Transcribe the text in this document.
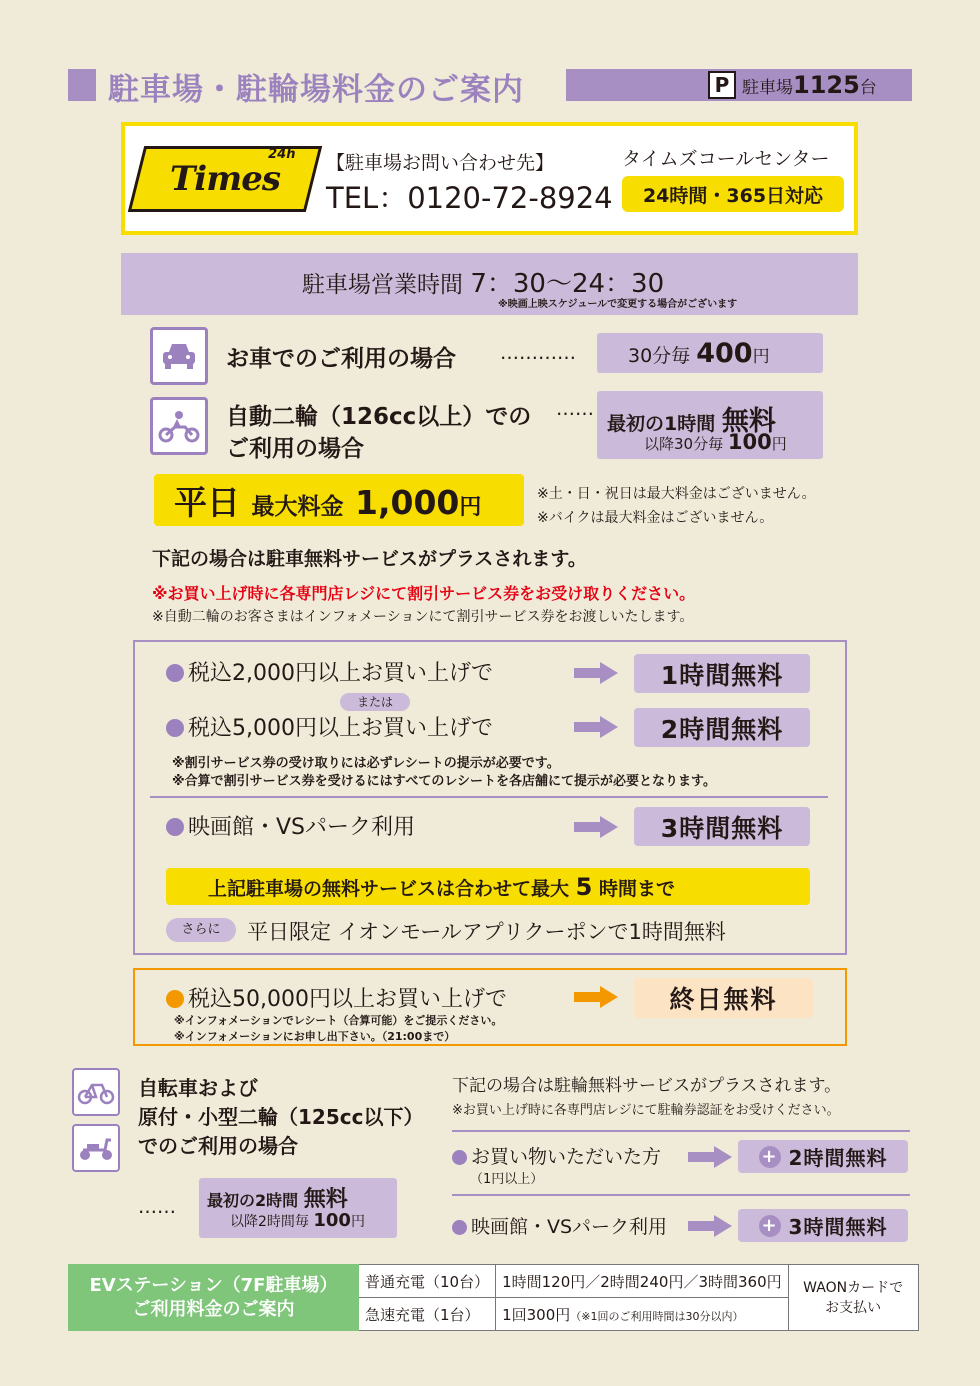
駐車場・駐輪場料金のご案内	P 駐車場1125台
Times
24h 【駐車場お問い合わせ先】
TEL：0120-72-8924
タイムズコールセンター
24時間・365日対応
駐車場営業時間 7：30〜24：30
※映画上映スケジュールで変更する場合がございます
お車でのご利用の場合 …………	30分毎 400円
自動二輪（126cc以上）での
ご利用の場合
……
最初の1時間 無料
以降30分毎 100円
平日 最大料金 1,000円
※土・日・祝日は最大料金はございません。
※バイクは最大料金はございません。
下記の場合は駐車無料サービスがプラスされます。
※お買い上げ時に各専門店レジにて割引サービス券をお受け取りください。
※自動二輪のお客さまはインフォメーションにて割引サービス券をお渡しいたします。
税込2,000円以上お買い上げで	1時間無料
または
税込5,000円以上お買い上げで	2時間無料
※割引サービス券の受け取りには必ずレシートの提示が必要です。
※合算で割引サービス券を受けるにはすべてのレシートを各店舗にて提示が必要となります。
映画館・VSパーク利用	3時間無料
上記駐車場の無料サービスは合わせて最大 5 時間まで
さらに	平日限定 イオンモールアプリクーポンで1時間無料
税込50,000円以上お買い上げで	終日無料
※インフォメーションでレシート（合算可能）をご提示ください。
※インフォメーションにお申し出下さい。（21:00まで）
自転車および
原付・小型二輪（125cc以下）
でのご利用の場合
…… 最初の2時間 無料
以降2時間毎 100円
下記の場合は駐輪無料サービスがプラスされます。
※お買い上げ時に各専門店レジにて駐輪券認証をお受けください。
お買い物いただいた方
（1円以上）
+ 2時間無料
映画館・VSパーク利用	+ 3時間無料
EVステーション（7F駐車場）
ご利用料金のご案内	普通充電（10台）	1時間120円／2時間240円／3時間360円	WAONカードで
お支払い
	急速充電（1台）	1回300円（※1回のご利用時間は30分以内）	
